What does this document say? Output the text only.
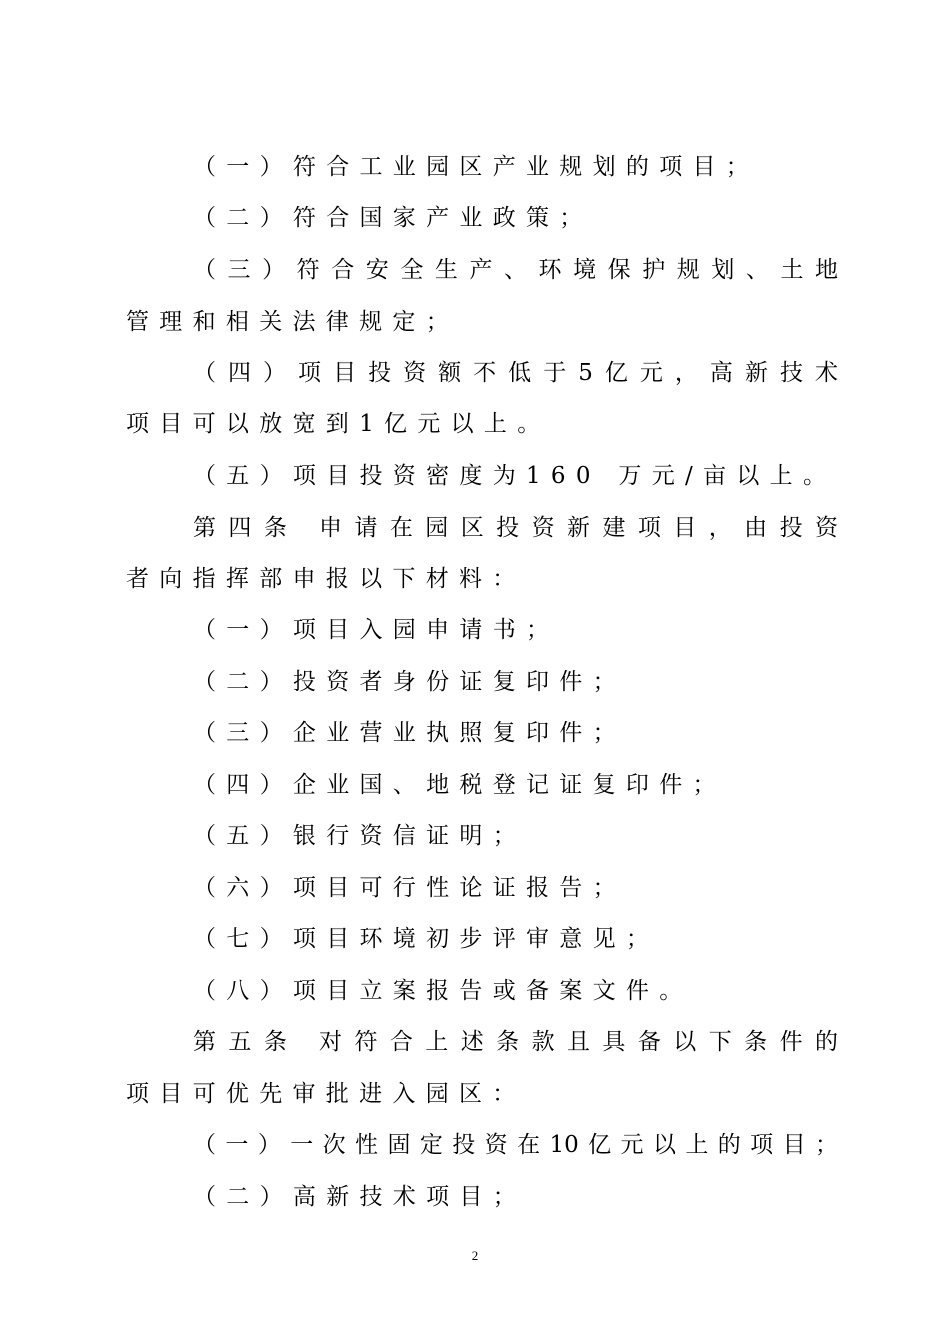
（一）符合工业园区产业规划的项目；
（二）符合国家产业政策；
（三）符合安全生产、环境保护规划、土地
管理和相关法律规定；
（四）项目投资额不低于5亿元，高新技术
项目可以放宽到1亿元以上。
（五）项目投资密度为160 万元/亩以上。
第四条 申请在园区投资新建项目，由投资
者向指挥部申报以下材料：
（一）项目入园申请书；
（二）投资者身份证复印件；
（三）企业营业执照复印件；
（四）企业国、地税登记证复印件；
（五）银行资信证明；
（六）项目可行性论证报告；
（七）项目环境初步评审意见；
（八）项目立案报告或备案文件。
第五条 对符合上述条款且具备以下条件的
项目可优先审批进入园区：
（一）一次性固定投资在10亿元以上的项目；
（二）高新技术项目；
2
